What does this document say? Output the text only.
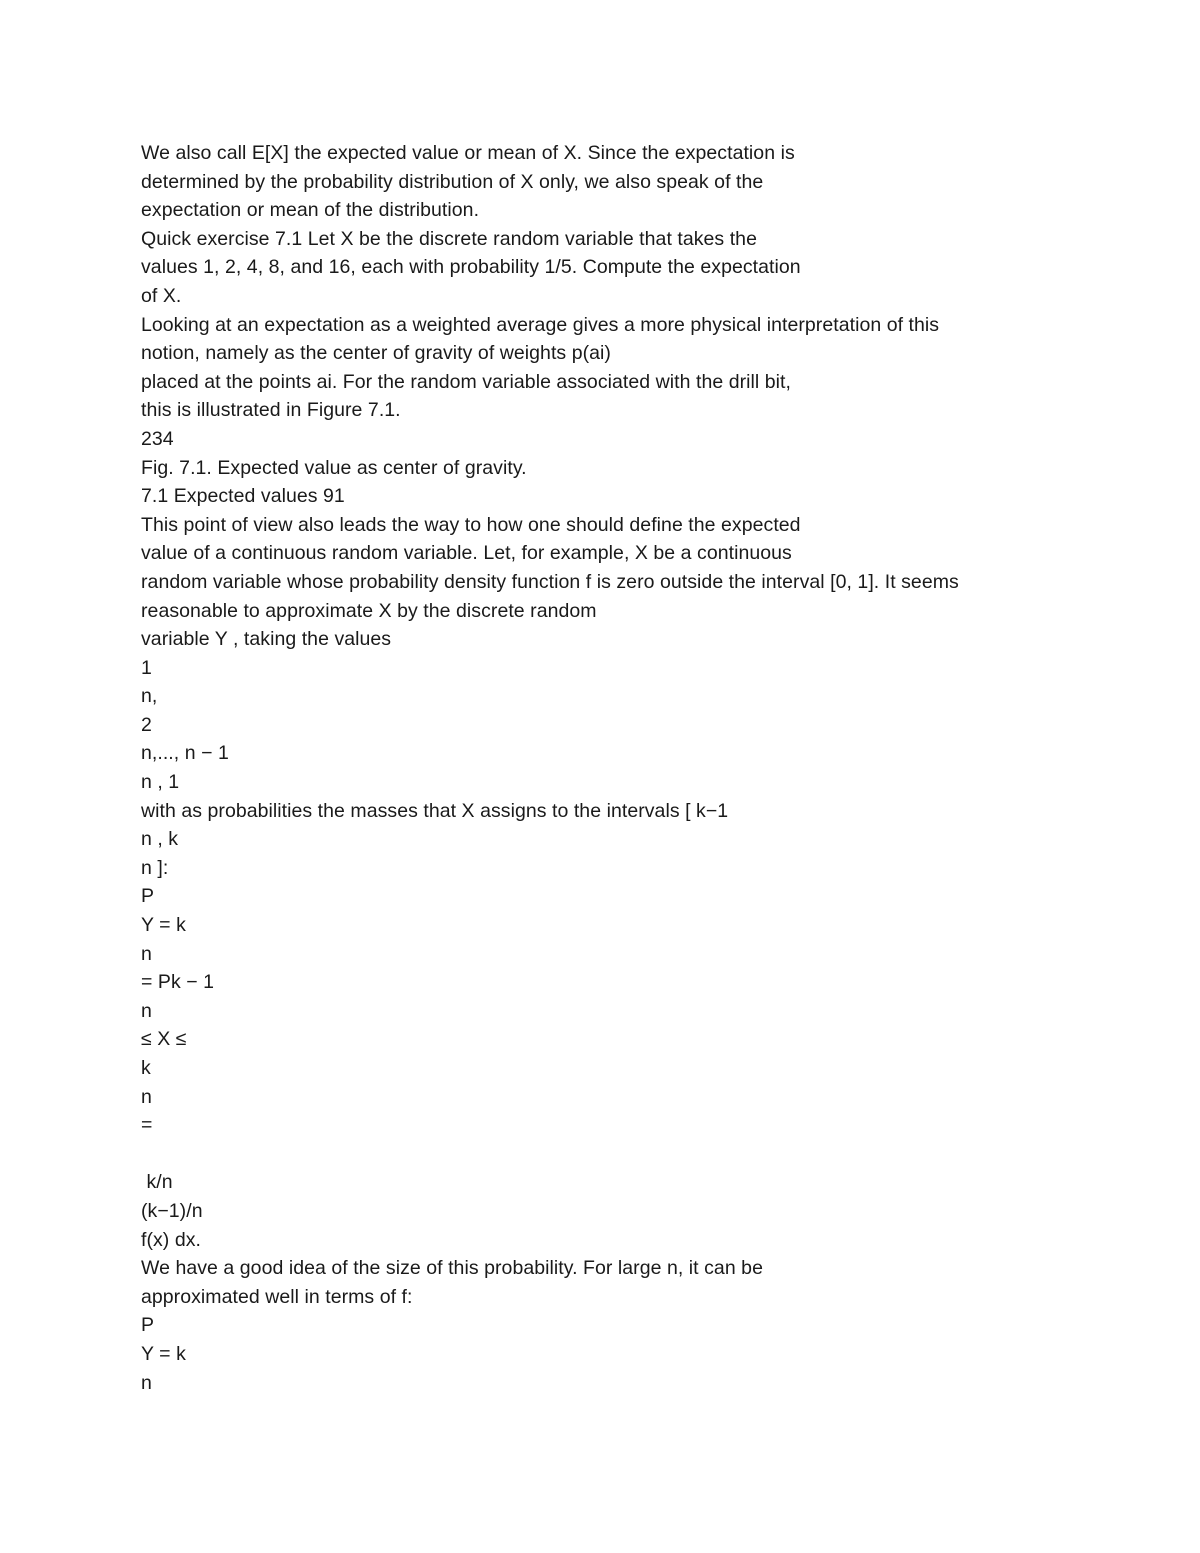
We also call E[X] the expected value or mean of X. Since the expectation is
determined by the probability distribution of X only, we also speak of the
expectation or mean of the distribution.
Quick exercise 7.1 Let X be the discrete random variable that takes the
values 1, 2, 4, 8, and 16, each with probability 1/5. Compute the expectation
of X.
Looking at an expectation as a weighted average gives a more physical interpretation of this
notion, namely as the center of gravity of weights p(ai)
placed at the points ai. For the random variable associated with the drill bit,
this is illustrated in Figure 7.1.
234
Fig. 7.1. Expected value as center of gravity.
7.1 Expected values 91
This point of view also leads the way to how one should define the expected
value of a continuous random variable. Let, for example, X be a continuous
random variable whose probability density function f is zero outside the interval [0, 1]. It seems
reasonable to approximate X by the discrete random
variable Y , taking the values
1
n,
2
n,..., n − 1
n , 1
with as probabilities the masses that X assigns to the intervals [ k−1
n , k
n ]:
P
Y = k
n
= Pk − 1
n
≤ X ≤
k
n
=
k/n
(k−1)/n
f(x) dx.
We have a good idea of the size of this probability. For large n, it can be
approximated well in terms of f:
P
Y = k
n
